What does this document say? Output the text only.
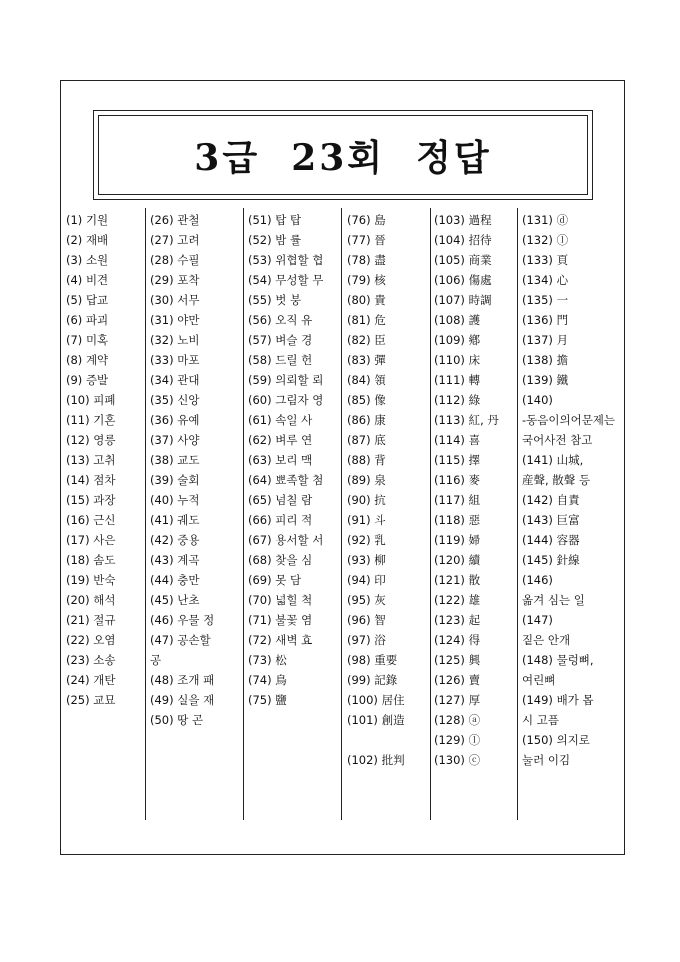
3급  23회  정답
(1) 기원
(2) 재배
(3) 소원
(4) 비견
(5) 답교
(6) 파괴
(7) 미혹
(8) 계약
(9) 증발
(10) 피폐
(11) 기혼
(12) 영릉
(13) 고취
(14) 점차
(15) 과장
(16) 근신
(17) 사은
(18) 솜도
(19) 반숙
(20) 해석
(21) 절규
(22) 오염
(23) 소송
(24) 개탄
(25) 교묘
(26) 관철
(27) 고려
(28) 수필
(29) 포착
(30) 서무
(31) 야만
(32) 노비
(33) 마포
(34) 관대
(35) 신앙
(36) 유예
(37) 사양
(38) 교도
(39) 술회
(40) 누적
(41) 궤도
(42) 중용
(43) 계곡
(44) 충만
(45) 난초
(46) 우물 정
(47) 공손할
공
(48) 조개 패
(49) 실을 재
(50) 땅 곤
(51) 탑 탑
(52) 밤 률
(53) 위협할 협
(54) 무성할 무
(55) 벗 붕
(56) 오직 유
(57) 벼슬 경
(58) 드릴 헌
(59) 의뢰할 뢰
(60) 그림자 영
(61) 속일 사
(62) 벼루 연
(63) 보리 맥
(64) 뾰족할 첨
(65) 넘칠 람
(66) 피리 적
(67) 용서할 서
(68) 찾을 심
(69) 못 담
(70) 넓힐 척
(71) 불꽃 염
(72) 새벽 효
(73) 松
(74) 鳥
(75) 鹽
(76) 島
(77) 晉
(78) 盡
(79) 核
(80) 貴
(81) 危
(82) 臣
(83) 彈
(84) 領
(85) 像
(86) 康
(87) 底
(88) 背
(89) 泉
(90) 抗
(91) 斗
(92) 乳
(93) 柳
(94) 印
(95) 灰
(96) 智
(97) 浴
(98) 重要
(99) 記錄
(100) 居住
(101) 創造
(102) 批判
(103) 過程
(104) 招待
(105) 商業
(106) 傷處
(107) 時調
(108) 護
(109) 鄕
(110) 床
(111) 轉
(112) 綠
(113) 紅, 丹
(114) 喜
(115) 擇
(116) 麥
(117) 組
(118) 惡
(119) 婦
(120) 續
(121) 散
(122) 雄
(123) 起
(124) 得
(125) 興
(126) 賣
(127) 厚
(128) ⓐ
(129) ⓛ
(130) ⓒ
(131) ⓓ
(132) ⓛ
(133) 頁
(134) 心
(135) 一
(136) 門
(137) 月
(138) 擔
(139) 鐵
(140)
-동음이의어문제는
국어사전 참고
(141) 山城,
産聲, 散聲 등
(142) 自責
(143) 巨富
(144) 容器
(145) 針線
(146)
옮겨 심는 일
(147)
짙은 안개
(148) 물렁뼈,
여린뼈
(149) 배가 몹
시 고픔
(150) 의지로
눌러 이김
